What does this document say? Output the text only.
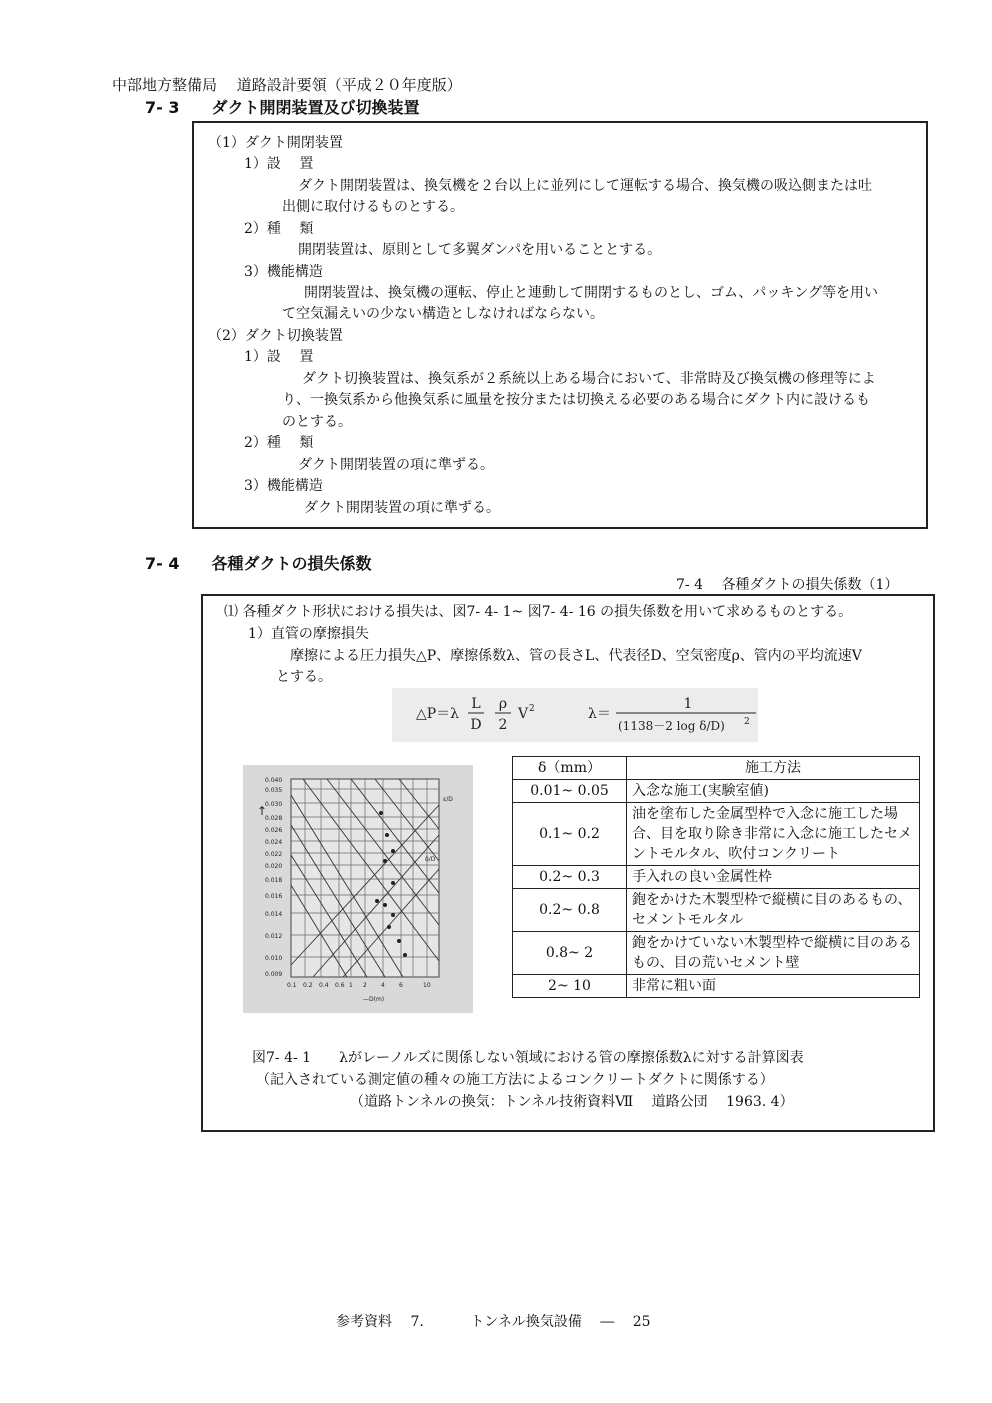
中部地方整備局　 道路設計要領（平成２０年度版）
7- 3　　ダクト開閉装置及び切換装置
（1）ダクト開閉装置
1）設　 置
ダクト開閉装置は、換気機を２台以上に並列にして運転する場合、換気機の吸込側または吐
出側に取付けるものとする。
2）種　 類
開閉装置は、原則として多翼ダンパを用いることとする。
3）機能構造
開閉装置は、換気機の運転、停止と連動して開閉するものとし、ゴム、パッキング等を用い
て空気漏えいの少ない構造としなければならない。
（2）ダクト切換装置
1）設　 置
ダクト切換装置は、換気系が２系統以上ある場合において、非常時及び換気機の修理等によ
り、一換気系から他換気系に風量を按分または切換える必要のある場合にダクト内に設けるも
のとする。
2）種　 類
ダクト開閉装置の項に準ずる。
3）機能構造
ダクト開閉装置の項に準ずる。
7- 4　　各種ダクトの損失係数
7- 4　 各種ダクトの損失係数（1）
⑴ 各種ダクト形状における損失は、図7- 4- 1~ 図7- 4- 16 の損失係数を用いて求めるものとする。
1）直管の摩擦損失
摩擦による圧力損失△P、摩擦係数λ、管の長さL、代表径D、空気密度ρ、管内の平均流速V
とする。
△P＝λ
L
D
ρ
2
V 2	λ＝
1
(1138－2 log δ/D) 2
0.040
0.035
0.030
0.028
0.026
0.024
0.022
0.020
0.018
0.016
0.014
0.012
0.010
0.009
0.1 0.2 0.4 0.6 1 2 4 6	10
—D(m)
ε/D
δ/D
↑
δ（mm）	施工方法
0.01~ 0.05	入念な施工(実験室値)
0.1~ 0.2	油を塗布した金属型枠で入念に施工した場合、目を取り除き非常に入念に施工したセメントモルタル、吹付コンクリート
0.2~ 0.3	手入れの良い金属性枠
0.2~ 0.8	鉋をかけた木製型枠で縦横に目のあるもの、セメントモルタル
0.8~ 2	鉋をかけていない木製型枠で縦横に目のあるもの、目の荒いセメント壁
2~ 10	非常に粗い面
図7- 4- 1　　λがレーノルズに関係しない領域における管の摩擦係数λに対する計算図表
（記入されている測定値の種々の施工方法によるコンクリートダクトに関係する）
（道路トンネルの換気：トンネル技術資料Ⅶ　 道路公団　 1963. 4）
参考資料　 7.　　　 トンネル換気設備　 ―　 25
